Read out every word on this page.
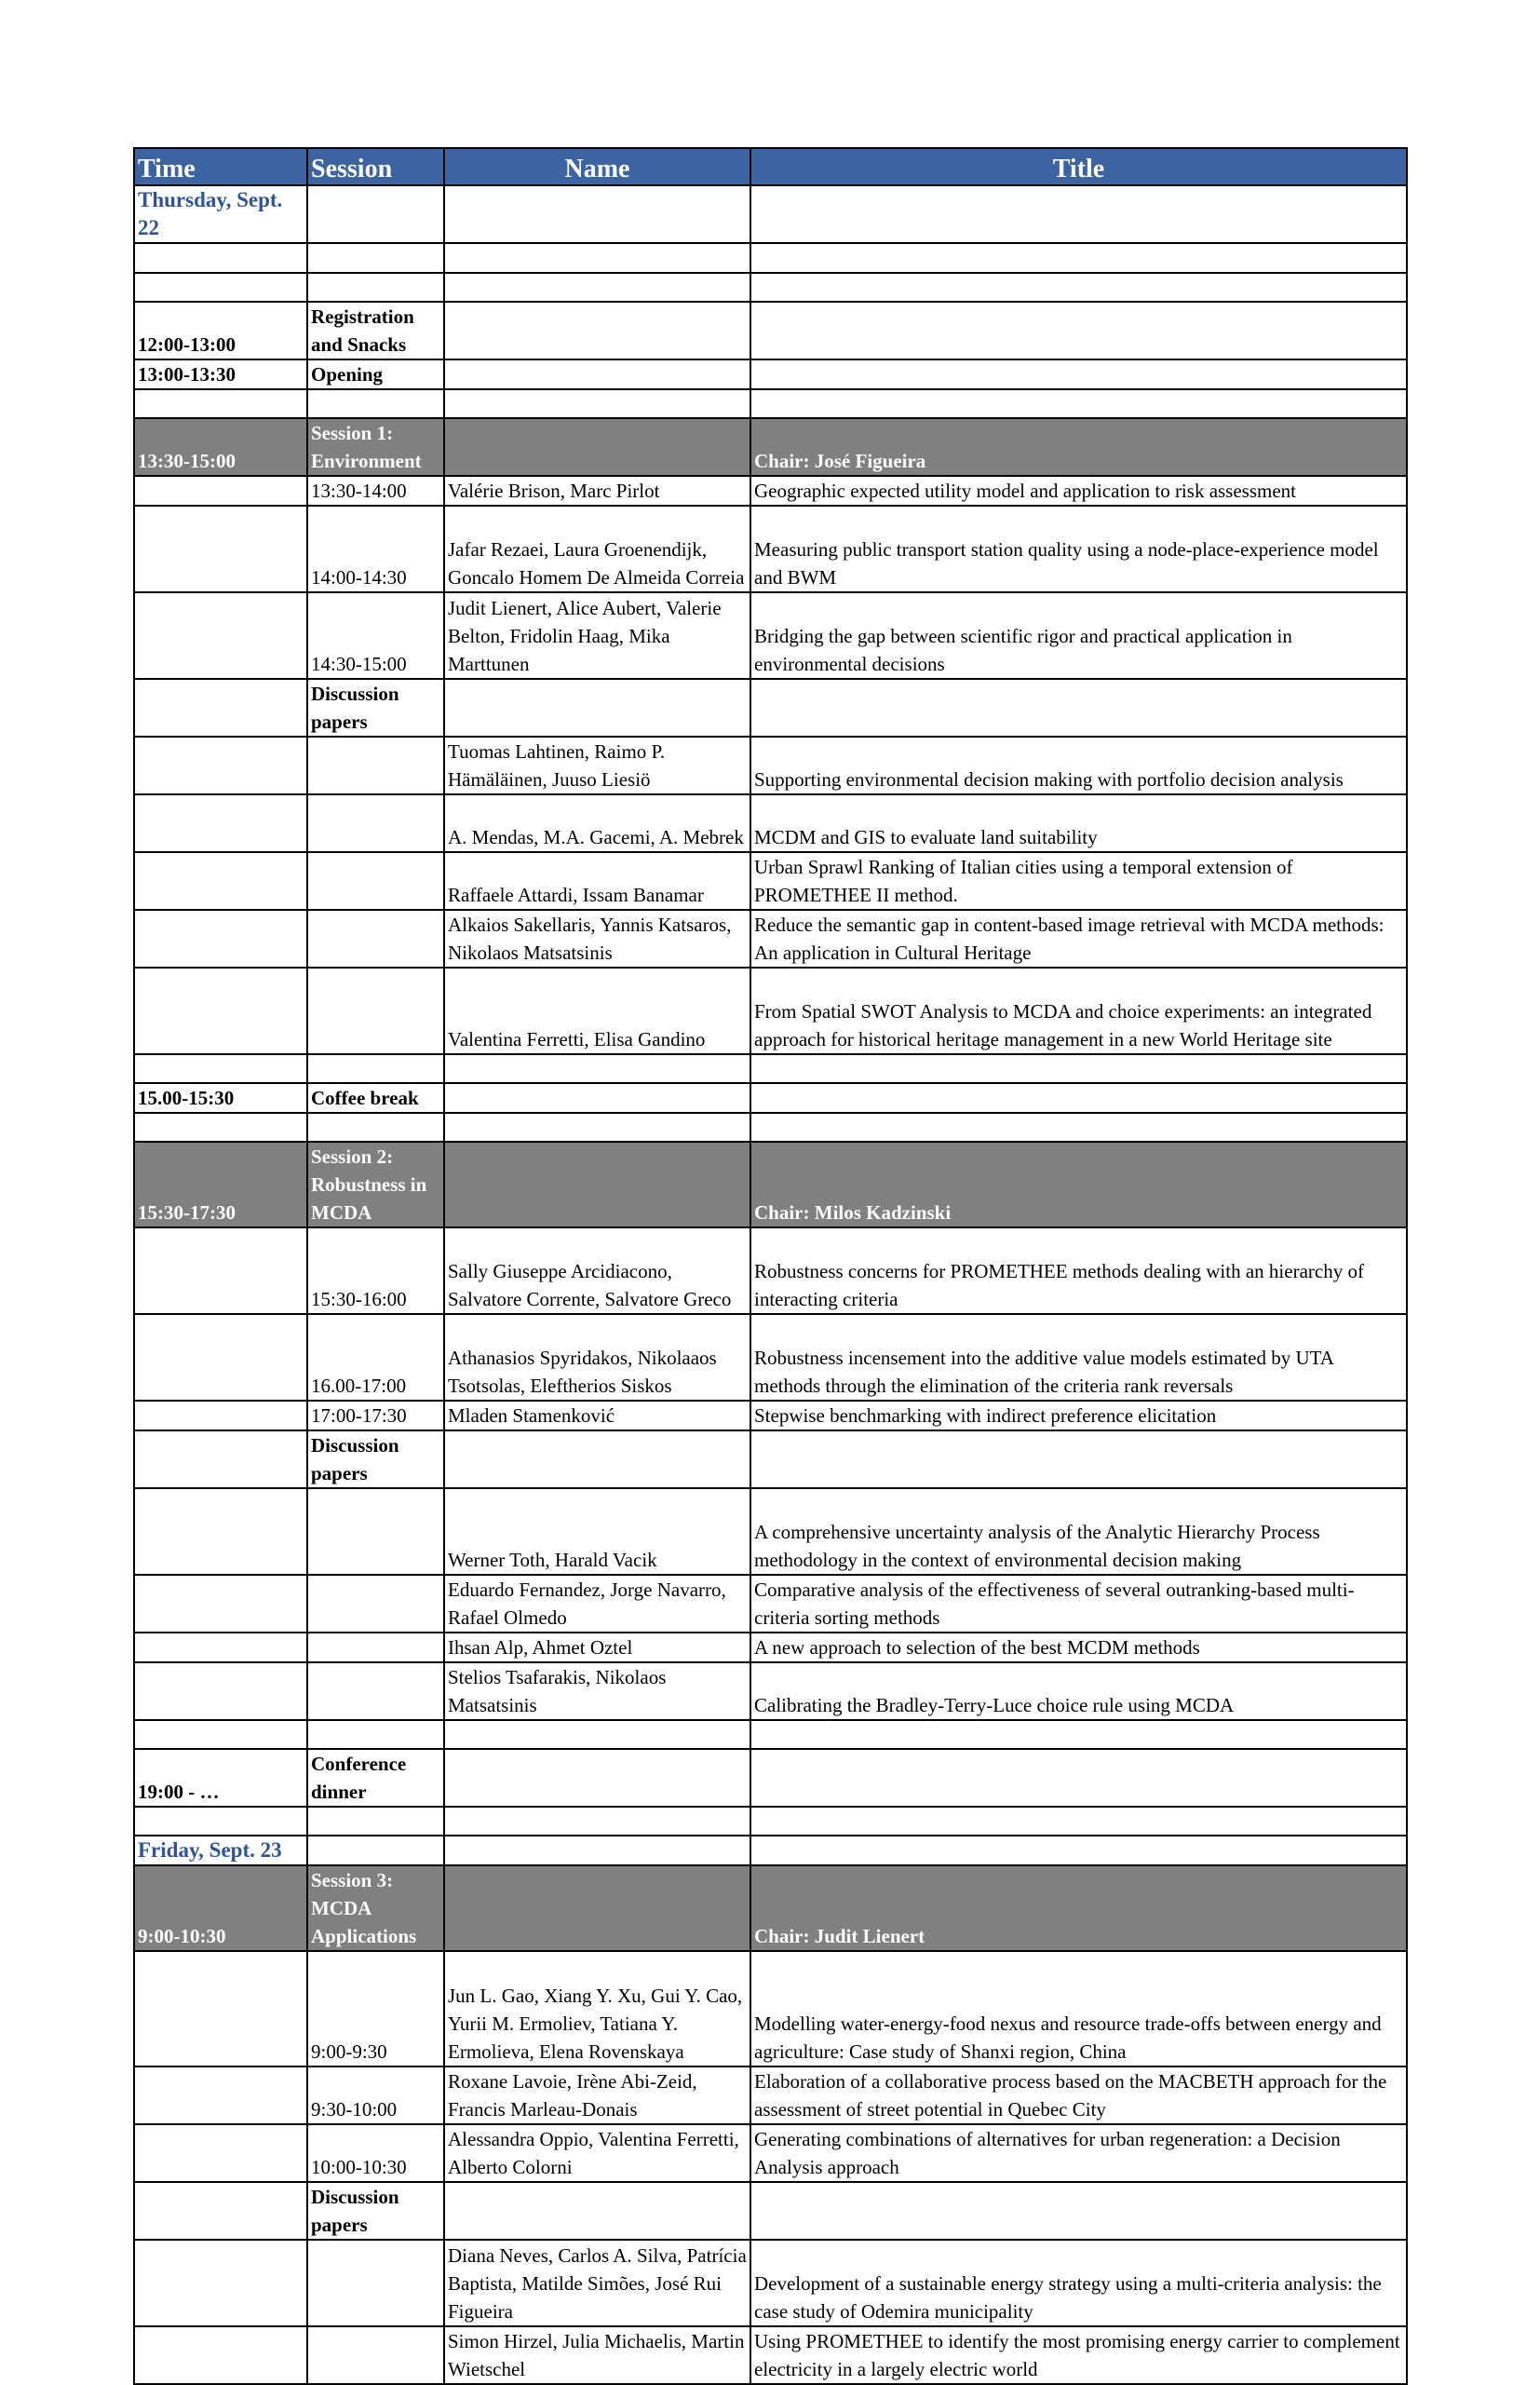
Time	Session	Name	Title
Thursday, Sept. 22			

12:00-13:00	Registration and Snacks		
13:00-13:30	Opening		

13:30-15:00	Session 1: Environment		Chair: José Figueira
	13:30-14:00	Valérie Brison, Marc Pirlot	Geographic expected utility model and application to risk assessment
	14:00-14:30	Jafar Rezaei, Laura Groenendijk, Goncalo Homem De Almeida Correia	Measuring public transport station quality using a node-place-experience model and BWM
	14:30-15:00	Judit Lienert, Alice Aubert, Valerie Belton, Fridolin Haag, Mika Marttunen	Bridging the gap between scientific rigor and practical application in environmental decisions
	Discussion papers		
		Tuomas Lahtinen, Raimo P. Hämäläinen, Juuso Liesiö	Supporting environmental decision making with portfolio decision analysis
		A. Mendas, M.A. Gacemi, A. Mebrek	MCDM and GIS to evaluate land suitability
		Raffaele Attardi, Issam Banamar	Urban Sprawl Ranking of Italian cities using a temporal extension of PROMETHEE II method.
		Alkaios Sakellaris, Yannis Katsaros, Nikolaos Matsatsinis	Reduce the semantic gap in content-based image retrieval with MCDA methods: An application in Cultural Heritage
		Valentina Ferretti, Elisa Gandino	From Spatial SWOT Analysis to MCDA and choice experiments: an integrated approach for historical heritage management in a new World Heritage site

15.00-15:30	Coffee break		

15:30-17:30	Session 2: Robustness in MCDA		Chair: Milos Kadzinski
	15:30-16:00	Sally Giuseppe Arcidiacono, Salvatore Corrente, Salvatore Greco	Robustness concerns for PROMETHEE methods dealing with an hierarchy of interacting criteria
	16.00-17:00	Athanasios Spyridakos, Nikolaaos Tsotsolas, Eleftherios Siskos	Robustness incensement into the additive value models estimated by UTA methods through the elimination of the criteria rank reversals
	17:00-17:30	Mladen Stamenković	Stepwise benchmarking with indirect preference elicitation
	Discussion papers		
		Werner Toth, Harald Vacik	A comprehensive uncertainty analysis of the Analytic Hierarchy Process methodology in the context of environmental decision making
		Eduardo Fernandez, Jorge Navarro, Rafael Olmedo	Comparative analysis of the effectiveness of several outranking-based multi-criteria sorting methods
		Ihsan Alp, Ahmet Oztel	A new approach to selection of the best MCDM methods
		Stelios Tsafarakis, Nikolaos Matsatsinis	Calibrating the Bradley-Terry-Luce choice rule using MCDA

19:00 - …	Conference dinner		

Friday, Sept. 23			
9:00-10:30	Session 3: MCDA Applications		Chair: Judit Lienert
	9:00-9:30	Jun L. Gao, Xiang Y. Xu, Gui Y. Cao, Yurii M. Ermoliev, Tatiana Y. Ermolieva, Elena Rovenskaya	Modelling water-energy-food nexus and resource trade-offs between energy and agriculture: Case study of Shanxi region, China
	9:30-10:00	Roxane Lavoie, Irène Abi-Zeid, Francis Marleau-Donais	Elaboration of a collaborative process based on the MACBETH approach for the assessment of street potential in Quebec City
	10:00-10:30	Alessandra Oppio, Valentina Ferretti, Alberto Colorni	Generating combinations of alternatives for urban regeneration: a Decision Analysis approach
	Discussion papers		
		Diana Neves, Carlos A. Silva, Patrícia Baptista, Matilde Simões, José Rui Figueira	Development of a sustainable energy strategy using a multi-criteria analysis: the case study of Odemira municipality
		Simon Hirzel, Julia Michaelis, Martin Wietschel	Using PROMETHEE to identify the most promising energy carrier to complement electricity in a largely electric world
